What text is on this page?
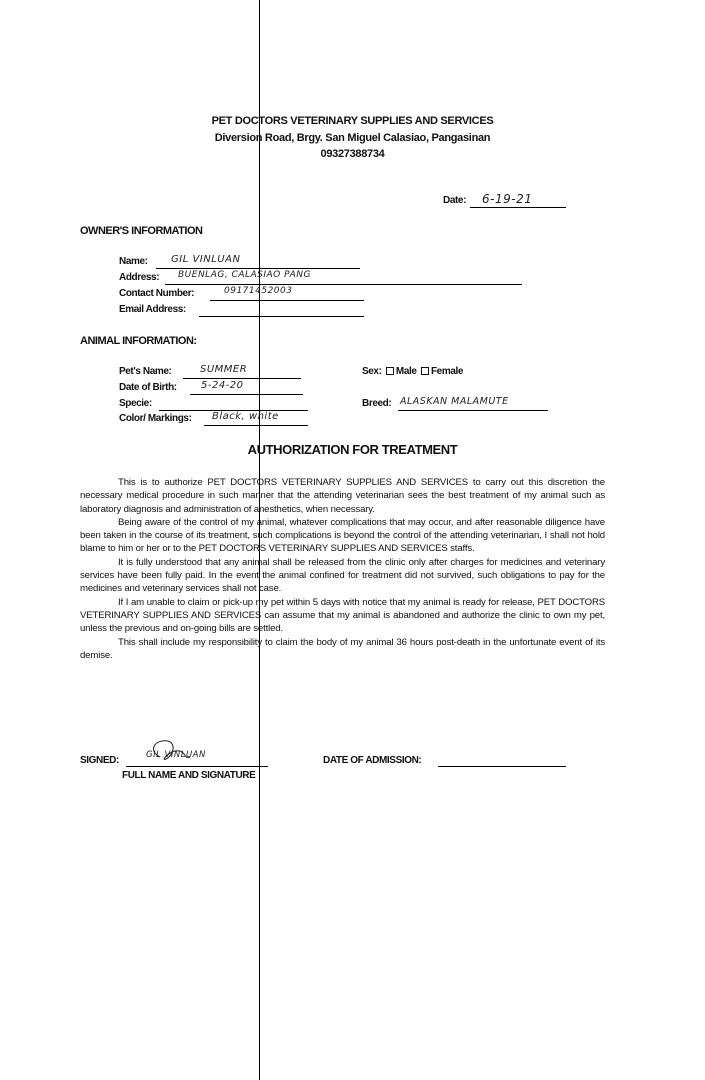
PET DOCTORS VETERINARY SUPPLIES AND SERVICES
Diversion Road, Brgy. San Miguel Calasiao, Pangasinan
09327388734
Date: 6-19-21
OWNER'S INFORMATION
Name: GIL VINLUAN
Address: BUENLAG, CALASIAO PANG
Contact Number:	09171452003
Email Address:
ANIMAL INFORMATION:
Pet's Name:	SUMMER
Date of Birth: 5-24-20
Specie:
Color/ Markings: Black, white
Sex: Male Female
Breed: ALASKAN MALAMUTE
AUTHORIZATION FOR TREATMENT

This is to authorize PET DOCTORS VETERINARY SUPPLIES AND SERVICES to carry out this discretion the necessary medical procedure in such manner that the attending veterinarian sees the best treatment of my animal such as laboratory diagnosis and administration of anesthetics, when necessary.

Being aware of the control of my animal, whatever complications that may occur, and after reasonable diligence have been taken in the course of its treatment, such complications is beyond the control of the attending veterinarian, I shall not hold blame to him or her or to the PET DOCTORS VETERINARY SUPPLIES AND SERVICES staffs.

It is fully understood that any animal shall be released from the clinic only after charges for medicines and veterinary services have been fully paid. In the event the animal confined for treatment did not survived, such obligations to pay for the medicines and veterinary services shall not case.

If I am unable to claim or pick-up my pet within 5 days with notice that my animal is ready for release, PET DOCTORS VETERINARY SUPPLIES AND SERVICES can assume that my animal is abandoned and authorize the clinic to own my pet, unless the previous and on-going bills are settled.

This shall include my responsibility to claim the body of my animal 36 hours post-death in the unfortunate event of its demise.

SIGNED:	GIL VINLUAN
FULL NAME AND SIGNATURE
DATE OF ADMISSION:
